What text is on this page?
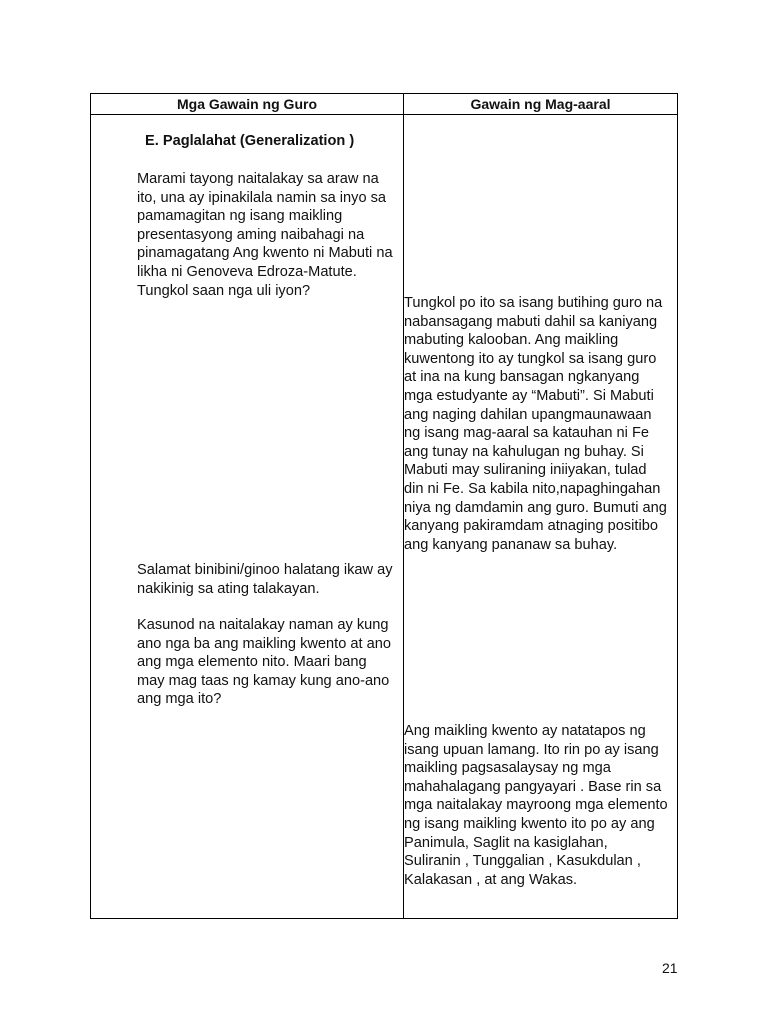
Mga Gawain ng Guro	Gawain ng Mag-aaral
E. Paglalahat (Generalization )
Marami tayong naitalakay sa araw na
ito, una ay ipinakilala namin sa inyo sa
pamamagitan ng isang maikling
presentasyong aming naibahagi na
pinamagatang Ang kwento ni Mabuti na
likha ni Genoveva Edroza-Matute.
Tungkol saan nga uli iyon?
Tungkol po ito sa isang butihing guro na
nabansagang mabuti dahil sa kaniyang
mabuting kalooban. Ang maikling
kuwentong ito ay tungkol sa isang guro
at ina na kung bansagan ngkanyang
mga estudyante ay “Mabuti”. Si Mabuti
ang naging dahilan upangmaunawaan
ng isang mag-aaral sa katauhan ni Fe
ang tunay na kahulugan ng buhay. Si
Mabuti may suliraning iniiyakan, tulad
din ni Fe. Sa kabila nito,napaghingahan
niya ng damdamin ang guro. Bumuti ang
kanyang pakiramdam atnaging positibo
ang kanyang pananaw sa buhay.
Salamat binibini/ginoo halatang ikaw ay
nakikinig sa ating talakayan.
Kasunod na naitalakay naman ay kung
ano nga ba ang maikling kwento at ano
ang mga elemento nito. Maari bang
may mag taas ng kamay kung ano-ano
ang mga ito?
Ang maikling kwento ay natatapos ng
isang upuan lamang. Ito rin po ay isang
maikling pagsasalaysay ng mga
mahahalagang pangyayari . Base rin sa
mga naitalakay mayroong mga elemento
ng isang maikling kwento ito po ay ang
Panimula, Saglit na kasiglahan,
Suliranin , Tunggalian , Kasukdulan ,
Kalakasan , at ang Wakas.
21
